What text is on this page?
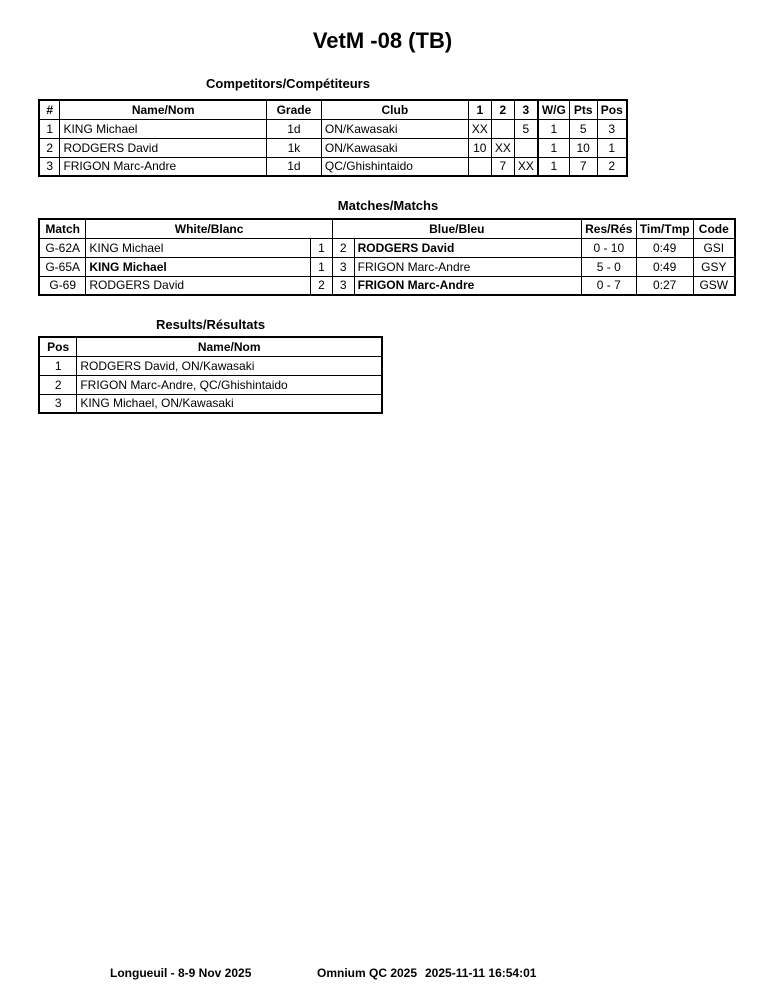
VetM -08 (TB)
Competitors/Compétiteurs
#	Name/Nom	Grade	Club	1	2	3	W/G	Pts	Pos
1	KING Michael	1d	ON/Kawasaki	XX		5	1	5	3
2	RODGERS David	1k	ON/Kawasaki	10	XX		1	10	1
3	FRIGON Marc-Andre	1d	QC/Ghishintaido		7	XX	1	7	2
Matches/Matchs
Match	White/Blanc		Blue/Bleu		Res/Rés	Tim/Tmp	Code
G-62A	KING Michael	1	2	RODGERS David	0 - 10	0:49	GSI
G-65A	KING Michael	1	3	FRIGON Marc-Andre	5 - 0	0:49	GSY
G-69	RODGERS David	2	3	FRIGON Marc-Andre	0 - 7	0:27	GSW
Results/Résultats
Pos	Name/Nom
1	RODGERS David, ON/Kawasaki
2	FRIGON Marc-Andre, QC/Ghishintaido
3	KING Michael, ON/Kawasaki
Longueuil - 8-9 Nov 2025	Omnium QC 2025 2025-11-11 16:54:01
